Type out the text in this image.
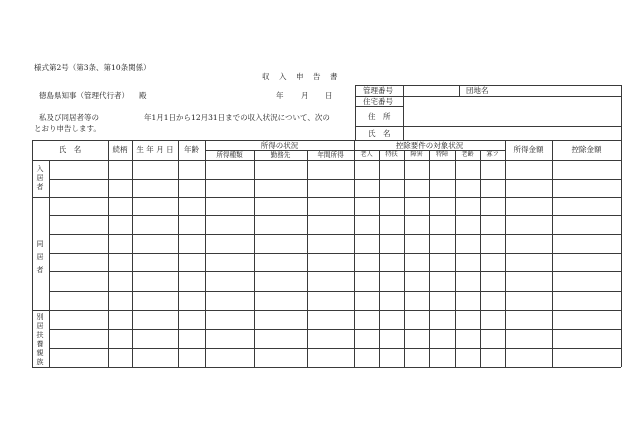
様式第2号（第3条、第10条関係）
収　入　申　告　書
徳島県知事（管理代行者） 殿	年 月 日
私及び同居者等の　　　　　　年1月1日から12月31日までの収入状況について、次の
とおり申告します。
管理番号	団地名
住宅番号
住　所
氏　名
氏　名	続柄	生 年 月 日	年齢	所得の状況
所得種類	勤務先	年間所得
控除要件の対象状況
老人	特扶	障害	特障	老齢	寡フ
所得金額	控除金額
入
居
者
同
居
者
別
居
扶
養
親
族
